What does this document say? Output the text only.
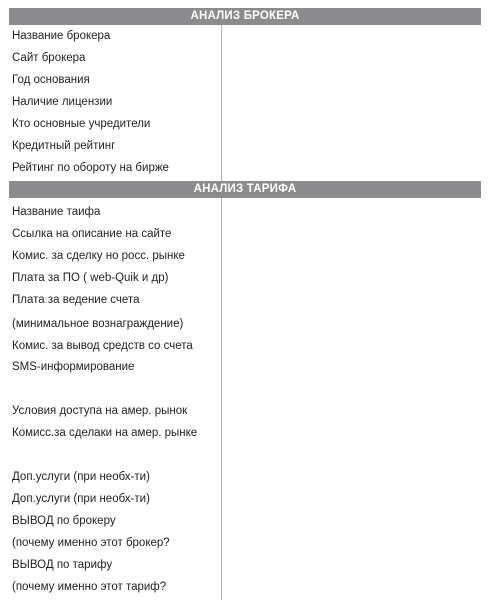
АНАЛИЗ БРОКЕРА
Название брокера
Сайт брокера
Год основания
Наличие лицензии
Кто основные учредители
Кредитный рейтинг
Рейтинг по обороту на бирже
АНАЛИЗ ТАРИФА
Название таифа
Ссылка на описание на сайте
Комис. за сделку но росс. рынке
Плата за ПО ( web-Quik и др)
Плата за ведение счета
(минимальное вознаграждение)
Комис. за вывод средств со счета
SMS-информирование
Условия доступа на амер. рынок
Комисс.за сделаки на амер. рынке
Доп.услуги (при необх-ти)
Доп.услуги (при необх-ти)
ВЫВОД по брокеру
(почему именно этот брокер?
ВЫВОД по тарифу
(почему именно этот тариф?
